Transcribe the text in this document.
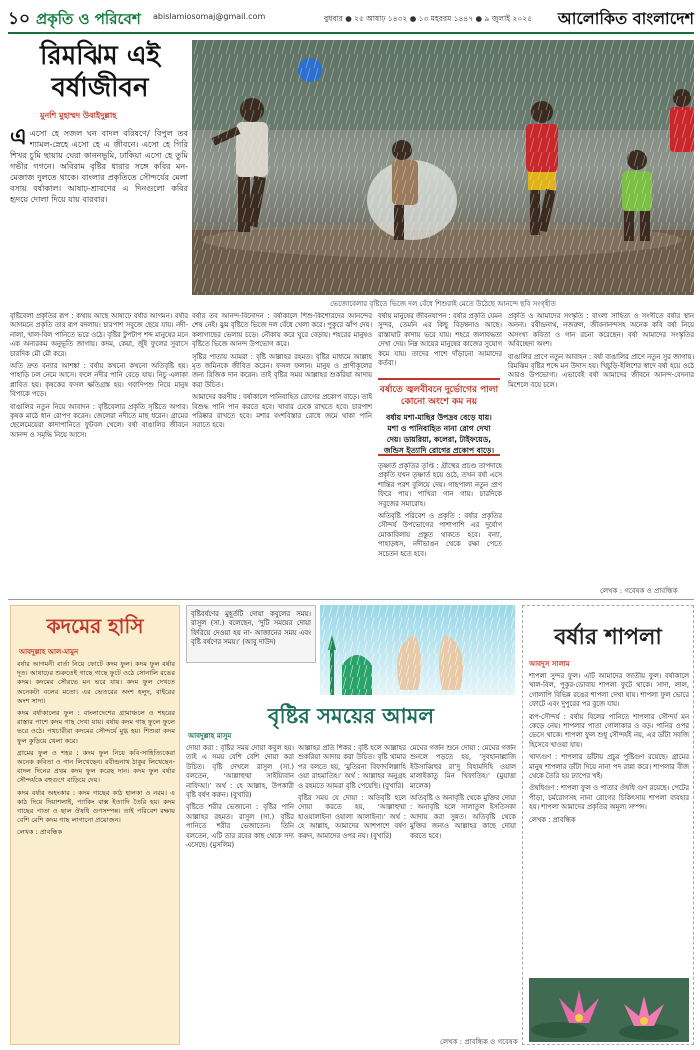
১০ প্রকৃতি ও পরিবেশ abislamiosomaj@gmail.com	বুধবার ● ২৫ আষাঢ় ১৪৩২ ● ১৩ মহররম ১৪৪৭ ● ৯ জুলাই ২০২৫ আলোকিত বাংলাদেশ
রিমঝিম এই বর্ষাজীবন
মুনশি মুহাম্মদ উবাইদুল্লাহ
এএসো হে সজল ঘন বাদল বরিষণে/ বিপুল তব শ্যামল-স্নেহে এসো হে এ জীবনে। এসো হে গিরি শিখর চুমি ছায়ায় ঘেরা কাননভূমি, ঢাকিয়া এসো হে তুমি গভীর গগনে। অবিরাম বৃষ্টির ধারার সঙ্গে কবির মন-মেজাজ দুলতে থাকে। বাংলার প্রকৃতিতে সৌন্দর্যের মেলা বসায় বর্ষাকাল। আষাঢ়-শ্রাবণের এ দিনগুলো কবির হৃদয়ে দোলা দিয়ে যায় বারবার।
ভেজোবেলার বৃষ্টিতে ভিজে দল বেঁধে শিশুরাই মেতে উঠেছে আনন্দে ছবি সংগৃহীত

বৃষ্টিবেলা প্রকৃতির রূপ : কথায় আছে আষাঢ়ে বর্ষার আগমন। বর্ষার আগমনে প্রকৃতি তার রূপ বদলায়। চারপাশ সবুজে ছেয়ে যায়। নদী-নালা, খাল-বিল পানিতে ভরে ওঠে। বৃষ্টির টুপটাপ শব্দ মানুষের মনে এক অন্যরকম অনুভূতি জাগায়। কদম, কেয়া, জুঁই ফুলের সুবাসে চারদিক মৌ মৌ করে।

অতি দ্রুত বন্যার আশঙ্কা : বর্ষায় কখনো কখনো অতিবৃষ্টি হয়। পাহাড়ি ঢল নেমে আসে। ফলে নদীর পানি বেড়ে যায়। নিচু এলাকা প্লাবিত হয়। কৃষকের ফসল ক্ষতিগ্রস্ত হয়। গবাদিপশু নিয়ে মানুষ বিপাকে পড়ে।

বাঙালির নতুন নিয়ে আবাদন : বৃষ্টিবেলার প্রকৃতি সৃষ্টিতে অপার। কৃষক মাঠে ধান রোপণ করেন। জেলেরা নদীতে মাছ ধরেন। গ্রামের ছেলেমেয়েরা কাদাপানিতে ফুটবল খেলে। বর্ষা বাঙালির জীবনে আনন্দ ও সমৃদ্ধি নিয়ে আসে।

বর্ষার তব আনন্দ-বিনোদন : বর্ষাকালে শিশু-কিশোরদের আনন্দের শেষ নেই। ঝুম বৃষ্টিতে ভিজে দল বেঁধে খেলা করে। পুকুরে ঝাঁপ দেয়। কলাগাছের ভেলায় চড়ে। নৌকায় করে ঘুরে বেড়ায়। শহরের মানুষও বৃষ্টিতে ভিজে আনন্দ উপভোগ করে।

সৃষ্টির পাতায় আমরা : বৃষ্টি আল্লাহর রহমত। বৃষ্টির মাধ্যমে আল্লাহ মৃত জমিনকে জীবিত করেন। ফসল ফলান। মানুষ ও প্রাণীকূলের জন্য রিজিক দান করেন। তাই বৃষ্টির সময় আল্লাহর শুকরিয়া আদায় করা উচিত।

আমাদের করণীয় : বর্ষাকালে পানিবাহিত রোগের প্রকোপ বাড়ে। তাই বিশুদ্ধ পানি পান করতে হবে। খাবার ঢেকে রাখতে হবে। চারপাশ পরিষ্কার রাখতে হবে। মশার বংশবিস্তার রোধে জমে থাকা পানি সরাতে হবে।

বর্ষায় মানুষের জীবনযাপন : বর্ষার প্রকৃতি যেমন সুন্দর, তেমনি এর কিছু বিড়ম্বনাও আছে। রাস্তাঘাট কাদায় ভরে যায়। শহরে জলাবদ্ধতা দেখা দেয়। নিম্ন আয়ের মানুষের কাজের সুযোগ কমে যায়। তাদের পাশে দাঁড়ানো আমাদের কর্তব্য।

বর্ষাতে জ্বলবীবনে দুর্ভোগের পালা কোনো অংশে কম নয়
বর্ষায় মশা-মাছির উপদ্রব বেড়ে যায়। মশা ও পানিবাহিত নানা রোগ দেখা দেয়। ডায়রিয়া, কলেরা, টাইফয়েড, জন্ডিস ইত্যাদি রোগের প্রকোপ বাড়ে।

তৃষ্ণার্ত প্রকৃতির তৃপ্তি : গ্রীষ্মের প্রচণ্ড তাপদাহে প্রকৃতি যখন তৃষ্ণার্ত হয়ে ওঠে, তখন বর্ষা এসে শান্তির পরশ বুলিয়ে দেয়। গাছপালা নতুন প্রাণ ফিরে পায়। পাখিরা গান গায়। চারদিকে সবুজের সমারোহ।

অতিবৃষ্টি পরিবেশ ও প্রকৃতি : বর্ষার প্রকৃতির সৌন্দর্য উপভোগের পাশাপাশি এর দুর্যোগ মোকাবিলায় প্রস্তুত থাকতে হবে। বন্যা, পাহাড়ধস, নদীভাঙন থেকে রক্ষা পেতে সচেতন হতে হবে।

প্রকৃতি ও আমাদের সংস্কৃতি : বাংলা সাহিত্য ও সংগীতে বর্ষার স্থান অনন্য। রবীন্দ্রনাথ, নজরুল, জীবনানন্দসহ অনেক কবি বর্ষা নিয়ে অসংখ্য কবিতা ও গান রচনা করেছেন। বর্ষা আমাদের সংস্কৃতির অবিচ্ছেদ্য অংশ।

বাঙালির প্রাণে নতুন আবাহন : বর্ষা বাঙালির প্রাণে নতুন সুর জাগায়। রিমঝিম বৃষ্টির শব্দে মন উদাস হয়। খিচুড়ি-ইলিশের স্বাদে বর্ষা হয়ে ওঠে আরও উপভোগ্য। এভাবেই বর্ষা আমাদের জীবনে আনন্দ-বেদনার মিশেলে বয়ে চলে।

লেখক : গবেষক ও প্রাবন্ধিক
কদমের হাসি
আবদুল্লাহ আল-মামুন

বর্ষার আগমনী বার্তা নিয়ে ফোটে কদম ফুল। কদম ফুল বর্ষার দূত। আষাঢ়ের শুরুতেই গাছে গাছে ফুটে ওঠে সোনালি রঙের কদম। কদমের সৌরভে মন ভরে যায়। কদম ফুল দেখতে অনেকটা বলের মতো। এর ভেতরের অংশ হলুদ, বাইরের অংশ সাদা।

কদম বর্ষাকালের ফুল : বাংলাদেশের গ্রামাঞ্চলে ও শহরের রাস্তার পাশে কদম গাছ দেখা যায়। বর্ষায় কদম গাছ ফুলে ফুলে ভরে ওঠে। পথচারীরা কদমের সৌন্দর্যে মুগ্ধ হয়। শিশুরা কদম ফুল কুড়িয়ে খেলা করে।

গ্রামের ফুল ও শহর : কদম ফুল নিয়ে কবি-সাহিত্যিকেরা অনেক কবিতা ও গান লিখেছেন। রবীন্দ্রনাথ ঠাকুর লিখেছেন- বাদল দিনের প্রথম কদম ফুল করেছ দান। কদম ফুল বর্ষার সৌন্দর্যকে বহুগুণে বাড়িয়ে দেয়।

কদম বর্ষার অহংকার : কদম গাছের কাঠ হালকা ও নরম। এ কাঠ দিয়ে দিয়াশলাই, প্যাকিং বাক্স ইত্যাদি তৈরি হয়। কদম গাছের পাতা ও ছাল ঔষধি গুণসম্পন্ন। তাই পরিবেশ রক্ষায় বেশি বেশি কদম গাছ লাগানো প্রয়োজন।

লেখক : প্রাবন্ধিক

বৃষ্টিবর্ষণের মুহূর্তটি দোয়া কবুলের সময়। রাসুল (সা.) বলেছেন, ‘দুটি সময়ের দোয়া ফিরিয়ে দেওয়া হয় না- আজানের সময় এবং বৃষ্টি বর্ষণের সময়।’ (আবু দাউদ)
বৃষ্টির সময়ের আমল
আবদুল্লাহ মাসুম

দোয়া করা : বৃষ্টির সময় দোয়া কবুল হয়। তাই এ সময় বেশি বেশি দোয়া করা উচিত। বৃষ্টি দেখলে রাসুল (সা.) বলতেন, ‘আল্লাহুম্মা সাইয়্যিবান নাফিআ।’ অর্থ : হে আল্লাহ, উপকারী বৃষ্টি বর্ষণ করুন। (বুখারি)

বৃষ্টিতে শরীর ভেজানো : বৃষ্টির পানি আল্লাহর রহমত। রাসুল (সা.) বৃষ্টির পানিতে শরীর ভেজাতেন। তিনি বলতেন, এটি তার রবের কাছ থেকে সদ্য এসেছে। (মুসলিম)

আল্লাহর প্রতি শিকর : বৃষ্টি হলে আল্লাহর শুকরিয়া আদায় করা উচিত। বৃষ্টি থামার পর বলতে হয়, ‘মুতিরনা বিফাদলিল্লাহি ওয়া রাহমাতিহ।’ অর্থ : আল্লাহর অনুগ্রহ ও রহমতে আমরা বৃষ্টি পেয়েছি। (বুখারি)

বৃষ্টির সময় যে দোয়া : অতিবৃষ্টি হলে দোয়া করতে হয়, ‘আল্লাহুম্মা হাওয়ালাইনা ওয়ালা আলাইনা।’ অর্থ : হে আল্লাহ, আমাদের আশপাশে বর্ষণ করুন, আমাদের ওপর নয়। (বুখারি)

মেঘের গর্জন শুনে দোয়া : মেঘের গর্জন শুনলে পড়তে হয়, ‘সুবহানাল্লাজি ইউসাব্বিহুর রা’দু বিহামদিহি ওয়াল মালাইকাতু মিন খিফাতিহ।’ (মুয়াত্তা মালেক)

অতিবৃষ্টি ও অনাবৃষ্টি থেকে মুক্তির দোয়া : অনাবৃষ্টি হলে সালাতুল ইসতিসকা আদায় করা সুন্নত। অতিবৃষ্টি থেকে মুক্তির জন্যও আল্লাহর কাছে দোয়া করতে হবে।

লেখক : প্রাবন্ধিক ও গবেষক
বর্ষার শাপলা
আবদুস সালাম

শাপলা সুন্দর ফুল। এটি আমাদের জাতীয় ফুল। বর্ষাকালে খাল-বিল, পুকুর-ডোবায় শাপলা ফুটে থাকে। সাদা, লাল, গোলাপি বিভিন্ন রঙের শাপলা দেখা যায়। শাপলা ফুল ভোরে ফোটে এবং দুপুরের পর বুজে যায়।

রূপ-সৌন্দর্য : বর্ষায় বিলের পানিতে শাপলার সৌন্দর্য মন কেড়ে নেয়। শাপলার পাতা গোলাকার ও বড়। পানির ওপর ভেসে থাকে। শাপলা ফুল শুধু সৌন্দর্যই নয়, এর ডাঁটা সবজি হিসেবে খাওয়া যায়।

খাদ্যগুণ : শাপলার ডাঁটায় প্রচুর পুষ্টিগুণ রয়েছে। গ্রামের মানুষ শাপলার ডাঁটা দিয়ে নানা পদ রান্না করে। শাপলার বীজ থেকে তৈরি হয় ঢ্যাপের খই।

ঔষধিগুণ : শাপলা ফুল ও পাতার ঔষধি গুণ রয়েছে। পেটের পীড়া, চর্মরোগসহ নানা রোগের চিকিৎসায় শাপলা ব্যবহার হয়। শাপলা আমাদের প্রকৃতির অমূল্য সম্পদ।

লেখক : প্রাবন্ধিক
